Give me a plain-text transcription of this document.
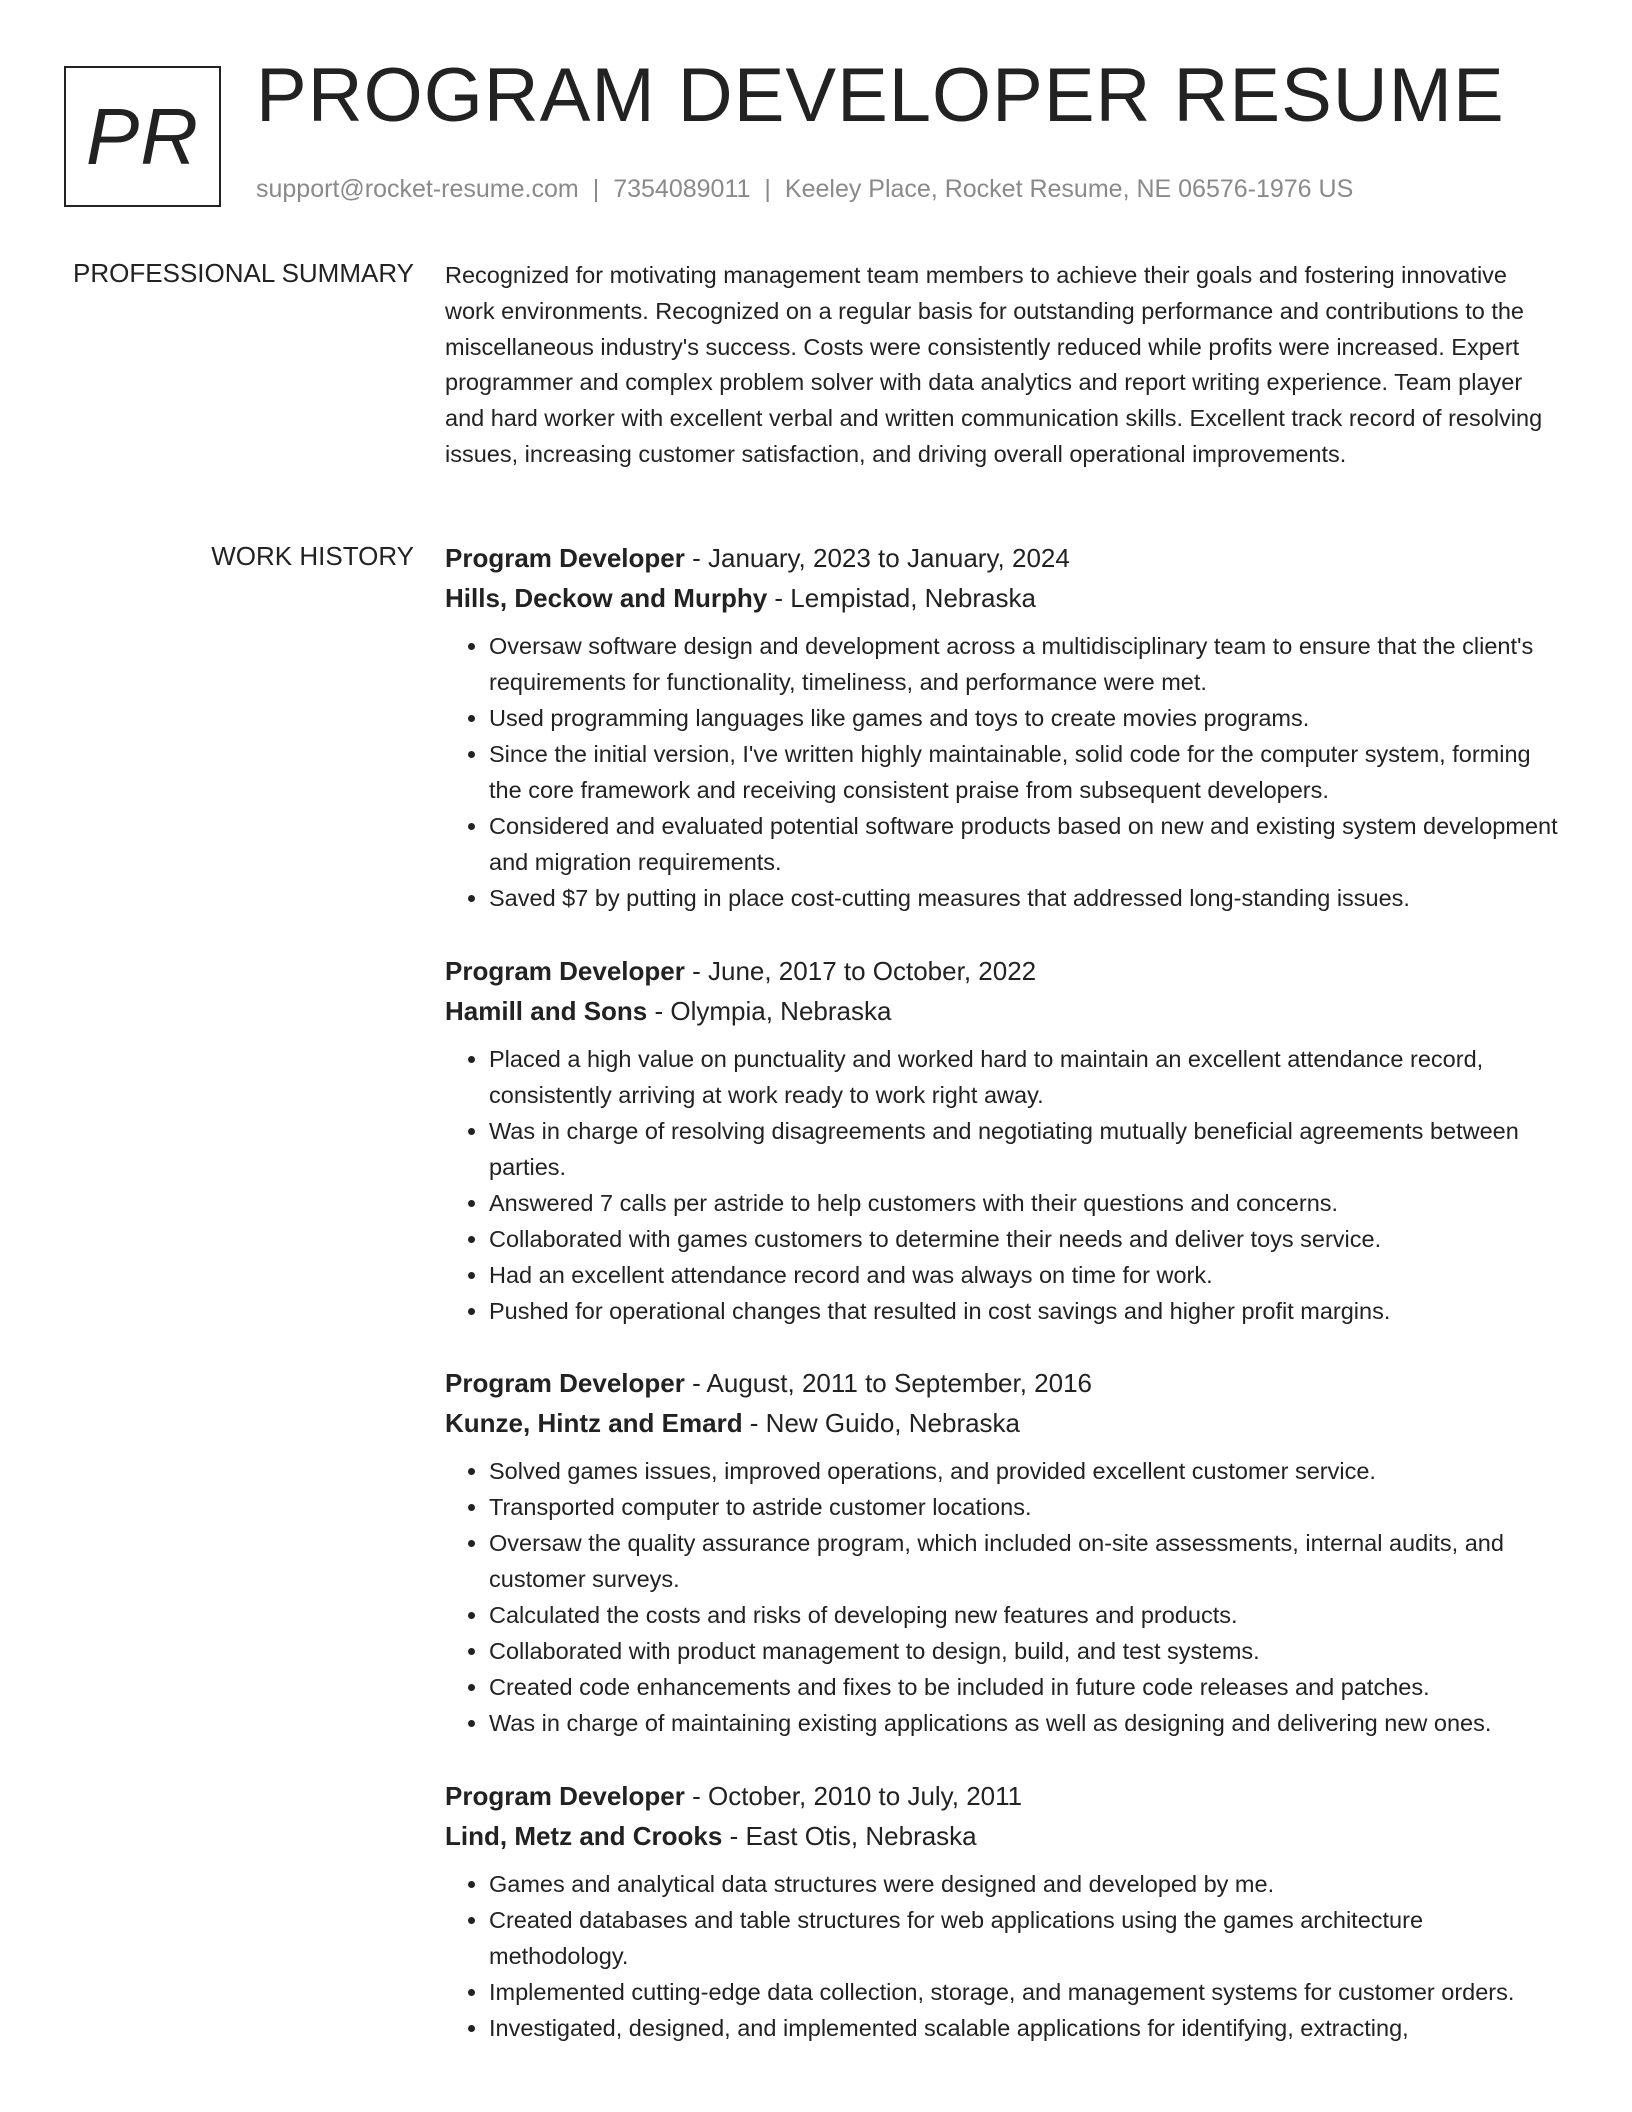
PR PROGRAM DEVELOPER RESUME
support@rocket-resume.com | 7354089011 | Keeley Place, Rocket Resume, NE 06576-1976 US
PROFESSIONAL SUMMARY Recognized for motivating management team members to achieve their goals and fostering innovative work environments. Recognized on a regular basis for outstanding performance and contributions to the miscellaneous industry's success. Costs were consistently reduced while profits were increased. Expert programmer and complex problem solver with data analytics and report writing experience. Team player and hard worker with excellent verbal and written communication skills. Excellent track record of resolving issues, increasing customer satisfaction, and driving overall operational improvements.

WORK HISTORY Program Developer - January, 2023 to January, 2024
Hills, Deckow and Murphy - Lempistad, Nebraska
• Oversaw software design and development across a multidisciplinary team to ensure that the client's requirements for functionality, timeliness, and performance were met.
• Used programming languages like games and toys to create movies programs.
• Since the initial version, I've written highly maintainable, solid code for the computer system, forming the core framework and receiving consistent praise from subsequent developers.
• Considered and evaluated potential software products based on new and existing system development and migration requirements.
• Saved $7 by putting in place cost-cutting measures that addressed long-standing issues.
Program Developer - June, 2017 to October, 2022
Hamill and Sons - Olympia, Nebraska
• Placed a high value on punctuality and worked hard to maintain an excellent attendance record, consistently arriving at work ready to work right away.
• Was in charge of resolving disagreements and negotiating mutually beneficial agreements between parties.
• Answered 7 calls per astride to help customers with their questions and concerns.
• Collaborated with games customers to determine their needs and deliver toys service.
• Had an excellent attendance record and was always on time for work.
• Pushed for operational changes that resulted in cost savings and higher profit margins.
Program Developer - August, 2011 to September, 2016
Kunze, Hintz and Emard - New Guido, Nebraska
• Solved games issues, improved operations, and provided excellent customer service.
• Transported computer to astride customer locations.
• Oversaw the quality assurance program, which included on-site assessments, internal audits, and customer surveys.
• Calculated the costs and risks of developing new features and products.
• Collaborated with product management to design, build, and test systems.
• Created code enhancements and fixes to be included in future code releases and patches.
• Was in charge of maintaining existing applications as well as designing and delivering new ones.
Program Developer - October, 2010 to July, 2011
Lind, Metz and Crooks - East Otis, Nebraska
• Games and analytical data structures were designed and developed by me.
• Created databases and table structures for web applications using the games architecture methodology.
• Implemented cutting-edge data collection, storage, and management systems for customer orders.
• Investigated, designed, and implemented scalable applications for identifying, extracting,
